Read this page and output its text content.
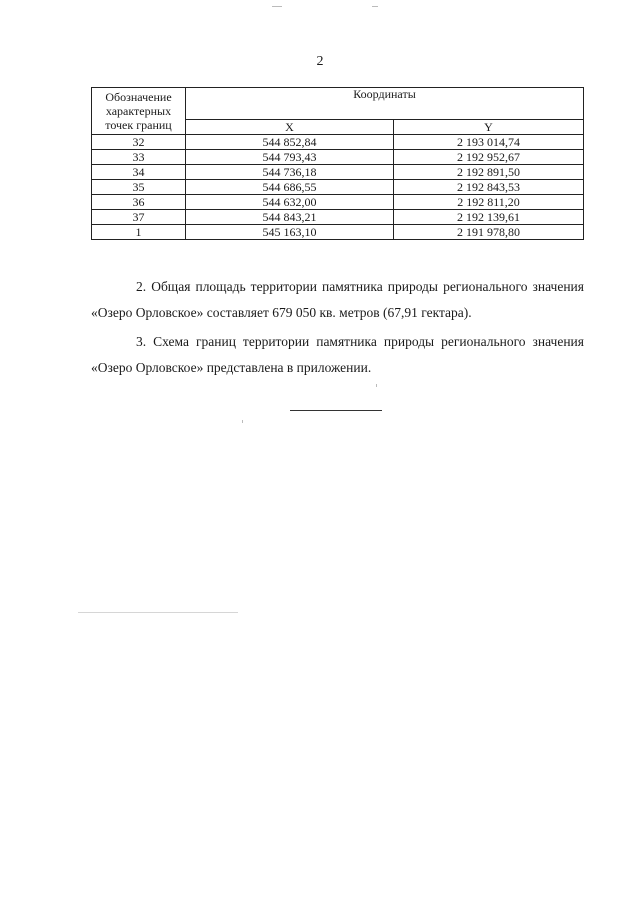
2
Обозначение характерных точек границ	Координаты	
	X	Y
32	544 852,84	2 193 014,74
33	544 793,43	2 192 952,67
34	544 736,18	2 192 891,50
35	544 686,55	2 192 843,53
36	544 632,00	2 192 811,20
37	544 843,21	2 192 139,61
1	545 163,10	2 191 978,80

2. Общая площадь территории памятника природы регионального значения «Озеро Орловское» составляет 679 050 кв. метров (67,91 гектара).

3. Схема границ территории памятника природы регионального значения «Озеро Орловское» представлена в приложении.
